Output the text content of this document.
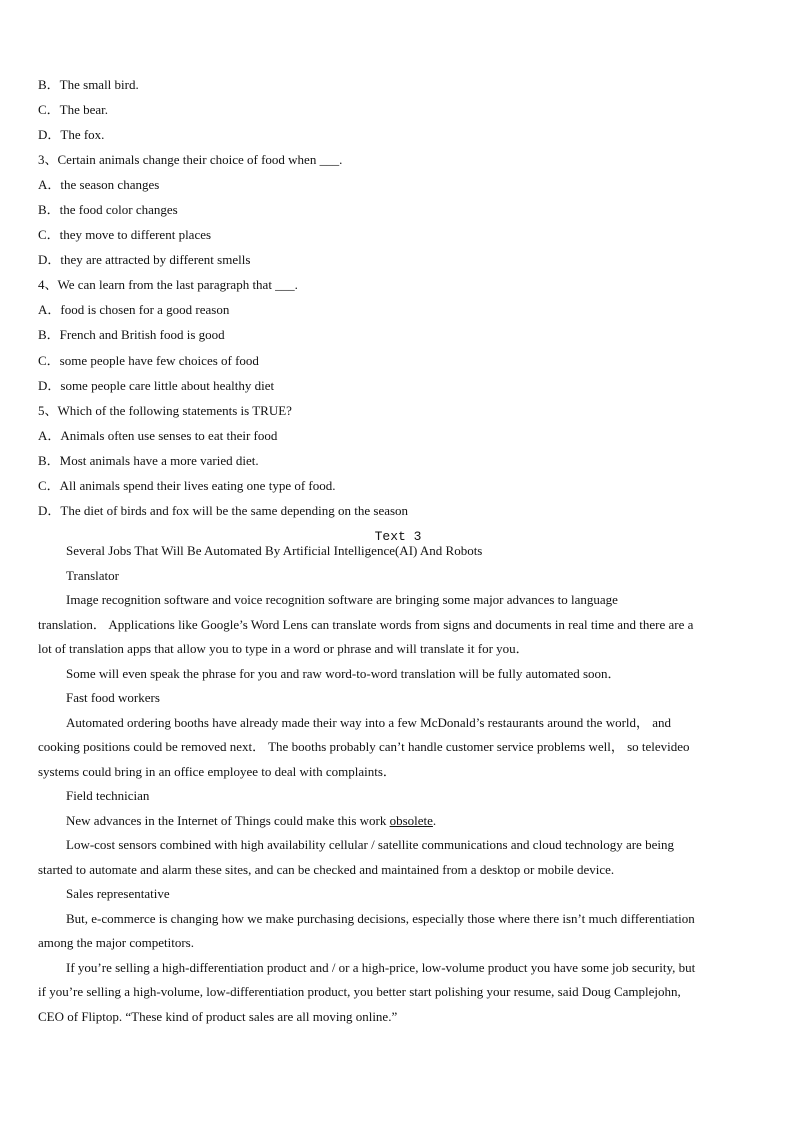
B．The small bird.
C．The bear.
D．The fox.
3、Certain animals change their choice of food when ___.
A．the season changes
B．the food color changes
C．they move to different places
D．they are attracted by different smells
4、We can learn from the last paragraph that ___.
A．food is chosen for a good reason
B．French and British food is good
C．some people have few choices of food
D．some people care little about healthy diet
5、Which of the following statements is TRUE?
A．Animals often use senses to eat their food
B．Most animals have a more varied diet.
C．All animals spend their lives eating one type of food.
D．The diet of birds and fox will be the same depending on the season
Text 3
Several Jobs That Will Be Automated By Artificial Intelligence(AI) And Robots
Translator
Image recognition software and voice recognition software are bringing some major advances to language
translation． Applications like Google’s Word Lens can translate words from signs and documents in real time and there are a
lot of translation apps that allow you to type in a word or phrase and will translate it for you．
Some will even speak the phrase for you and raw word-to-word translation will be fully automated soon．
Fast food workers
Automated ordering booths have already made their way into a few McDonald’s restaurants around the world， and
cooking positions could be removed next． The booths probably can’t handle customer service problems well， so televideo
systems could bring in an office employee to deal with complaints．
Field technician
New advances in the Internet of Things could make this work obsolete.
Low-cost sensors combined with high availability cellular / satellite communications and cloud technology are being
started to automate and alarm these sites, and can be checked and maintained from a desktop or mobile device.
Sales representative
But, e-commerce is changing how we make purchasing decisions, especially those where there isn’t much differentiation
among the major competitors.
If you’re selling a high-differentiation product and / or a high-price, low-volume product you have some job security, but
if you’re selling a high-volume, low-differentiation product, you better start polishing your resume, said Doug Camplejohn,
CEO of Fliptop. “These kind of product sales are all moving online.”
